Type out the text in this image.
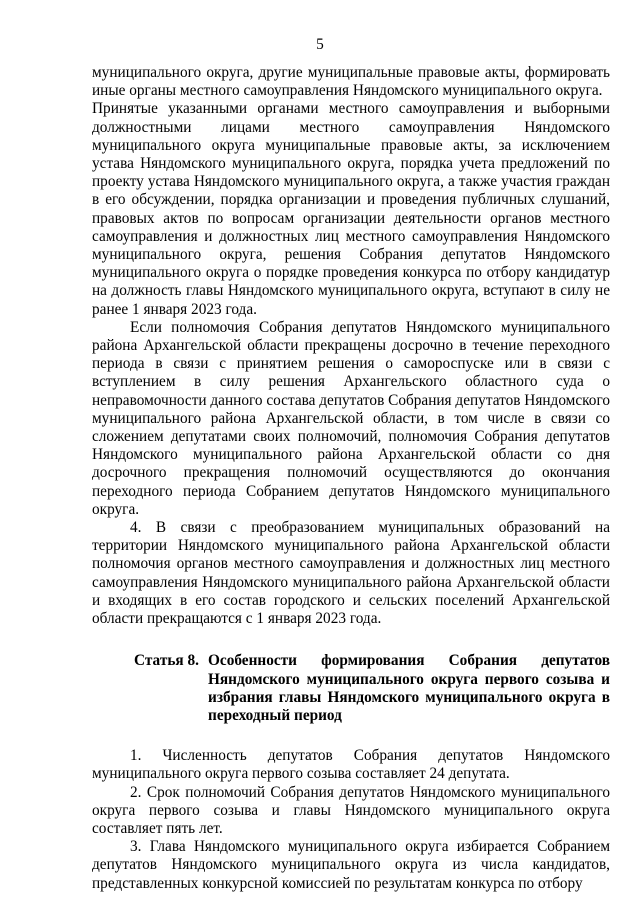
5

муниципального округа, другие муниципальные правовые акты, формировать иные органы местного самоуправления Няндомского муниципального округа.

Принятые указанными органами местного самоуправления и выборными должностными лицами местного самоуправления Няндомского муниципального округа муниципальные правовые акты, за исключением устава Няндомского муниципального округа, порядка учета предложений по проекту устава Няндомского муниципального округа, а также участия граждан в его обсуждении, порядка организации и проведения публичных слушаний, правовых актов по вопросам организации деятельности органов местного самоуправления и должностных лиц местного самоуправления Няндомского муниципального округа, решения Собрания депутатов Няндомского муниципального округа о порядке проведения конкурса по отбору кандидатур на должность главы Няндомского муниципального округа, вступают в силу не ранее 1 января 2023 года.

Если полномочия Собрания депутатов Няндомского муниципального района Архангельской области прекращены досрочно в течение переходного периода в связи с принятием решения о самороспуске или в связи с вступлением в силу решения Архангельского областного суда о неправомочности данного состава депутатов Собрания депутатов Няндомского муниципального района Архангельской области, в том числе в связи со сложением депутатами своих полномочий, полномочия Собрания депутатов Няндомского муниципального района Архангельской области со дня досрочного прекращения полномочий осуществляются до окончания переходного периода Собранием депутатов Няндомского муниципального округа.

4. В связи с преобразованием муниципальных образований на территории Няндомского муниципального района Архангельской области полномочия органов местного самоуправления и должностных лиц местного самоуправления Няндомского муниципального района Архангельской области и входящих в его состав городского и сельских поселений Архангельской области прекращаются с 1 января 2023 года.

Статья 8. Особенности формирования Собрания депутатов Няндомского муниципального округа первого созыва и избрания главы Няндомского муниципального округа в переходный период

1. Численность депутатов Собрания депутатов Няндомского муниципального округа первого созыва составляет 24 депутата.

2. Срок полномочий Собрания депутатов Няндомского муниципального округа первого созыва и главы Няндомского муниципального округа составляет пять лет.

3. Глава Няндомского муниципального округа избирается Собранием депутатов Няндомского муниципального округа из числа кандидатов, представленных конкурсной комиссией по результатам конкурса по отбору
